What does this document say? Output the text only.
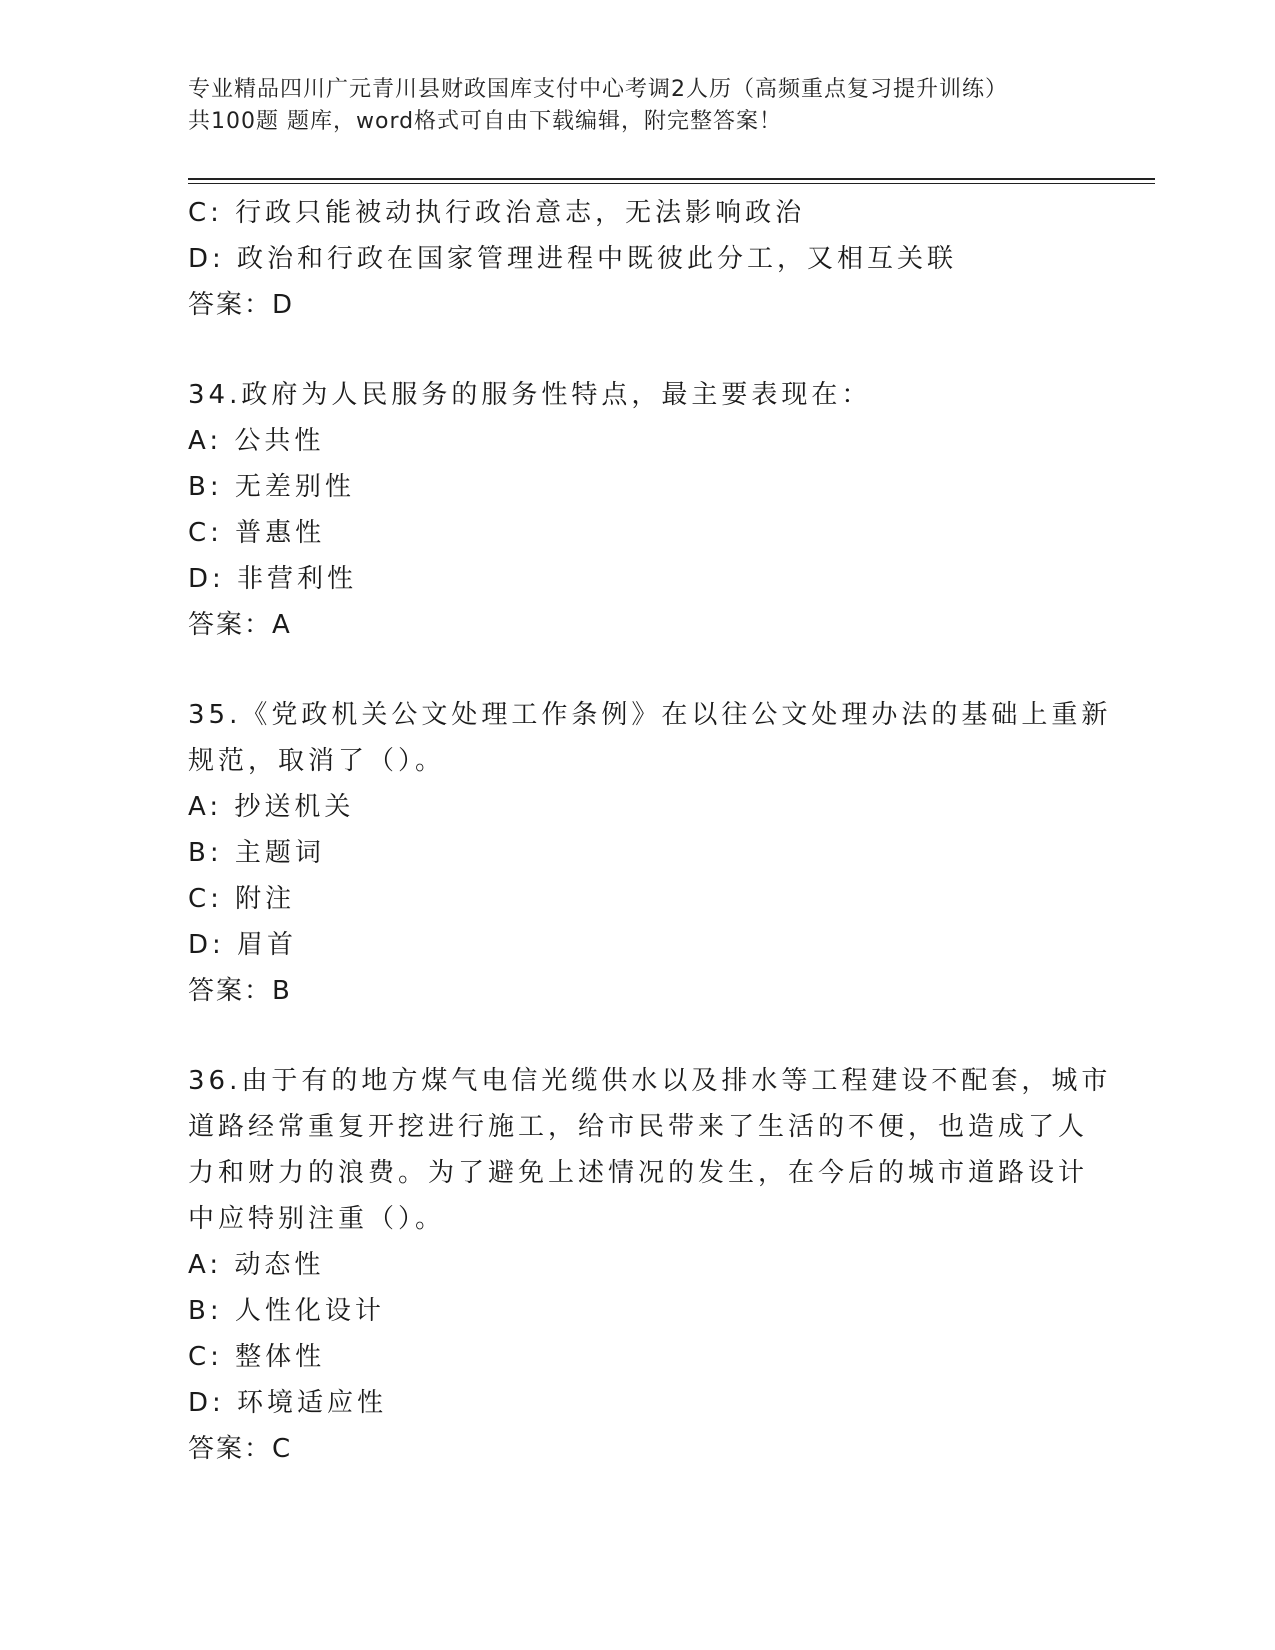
专业精品四川广元青川县财政国库支付中心考调2人历（高频重点复习提升训练）
共100题 题库，word格式可自由下载编辑，附完整答案！

C: 行政只能被动执行政治意志，无法影响政治

D: 政治和行政在国家管理进程中既彼此分工，又相互关联

答案：D

34.政府为人民服务的服务性特点，最主要表现在：

A: 公共性

B: 无差别性

C: 普惠性

D: 非营利性

答案：A

35.《党政机关公文处理工作条例》在以往公文处理办法的基础上重新

规范，取消了（）。

A: 抄送机关

B: 主题词

C: 附注

D: 眉首

答案：B

36.由于有的地方煤气电信光缆供水以及排水等工程建设不配套，城市

道路经常重复开挖进行施工，给市民带来了生活的不便，也造成了人

力和财力的浪费。为了避免上述情况的发生，在今后的城市道路设计

中应特别注重（）。

A: 动态性

B: 人性化设计

C: 整体性

D: 环境适应性

答案：C
